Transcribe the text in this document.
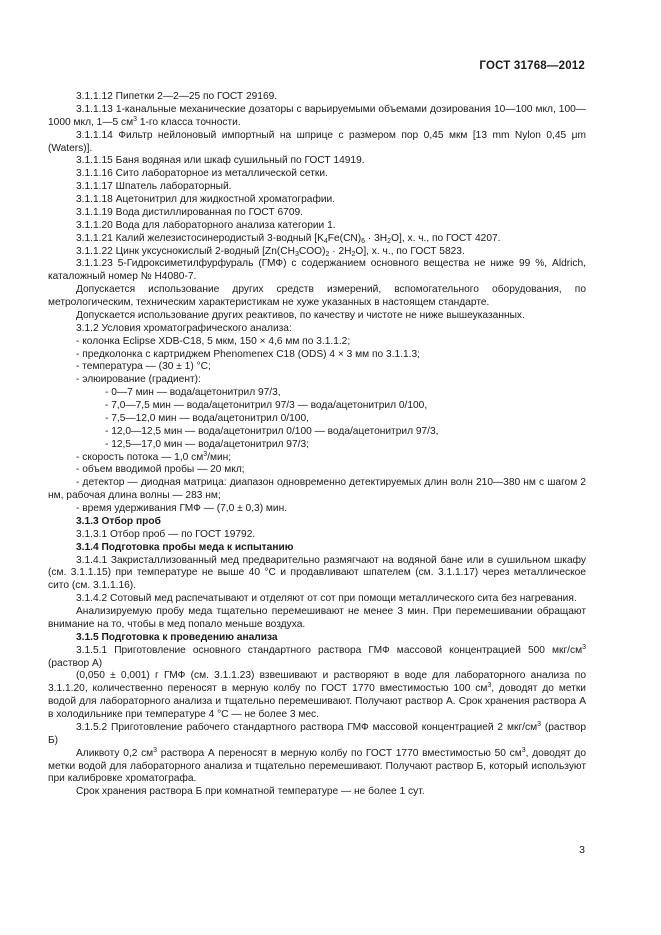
ГОСТ 31768—2012

3.1.1.12 Пипетки 2—2—25 по ГОСТ 29169.

3.1.1.13 1-канальные механические дозаторы с варьируемыми объемами дозирования 10—100 мкл, 100—1000 мкл, 1—5 $см^3$ 1-го класса точности.

3.1.1.14 Фильтр нейлоновый импортный на шприце с размером пор 0,45 мкм [13 mm Nylon 0,45 μm (Waters)].

3.1.1.15 Баня водяная или шкаф сушильный по ГОСТ 14919.

3.1.1.16 Сито лабораторное из металлической сетки.

3.1.1.17 Шпатель лабораторный.

3.1.1.18 Ацетонитрил для жидкостной хроматографии.

3.1.1.19 Вода дистиллированная по ГОСТ 6709.

3.1.1.20 Вода для лабораторного анализа категории 1.

3.1.1.21 Калий железистосинеродистый 3-водный $[K_4Fe(CN)_6 \cdot 3H_2O]$, х. ч., по ГОСТ 4207.

3.1.1.22 Цинк уксуснокислый 2-водный $[Zn(CH_3COO)_2 \cdot 2H_2O]$, х. ч., по ГОСТ 5823.

3.1.1.23 5-Гидроксиметилфурфураль (ГМФ) с содержанием основного вещества не ниже 99 %, Aldrich, каталожный номер № H4080-7.

Допускается использование других средств измерений, вспомогательного оборудования, по метрологическим, техническим характеристикам не хуже указанных в настоящем стандарте.

Допускается использование других реактивов, по качеству и чистоте не ниже вышеуказанных.

3.1.2 Условия хроматографического анализа:

- колонка Eclipse XDB-C18, 5 мкм, 150 × 4,6 мм по 3.1.1.2;

- предколонка с картриджем Phenomenex C18 (ODS) 4 × 3 мм по 3.1.1.3;

- температура — (30 ± 1) °С;

- элюирование (градиент):

- 0—7 мин — вода/ацетонитрил 97/3,

- 7,0—7,5 мин — вода/ацетонитрил 97/3 — вода/ацетонитрил 0/100,

- 7,5—12,0 мин — вода/ацетонитрил 0/100,

- 12,0—12,5 мин — вода/ацетонитрил 0/100 — вода/ацетонитрил 97/3,

- 12,5—17,0 мин — вода/ацетонитрил 97/3;

- скорость потока — 1,0 $см^3$/мин;

- объем вводимой пробы — 20 мкл;

- детектор — диодная матрица: диапазон одновременно детектируемых длин волн 210—380 нм с шагом 2 нм, рабочая длина волны — 283 нм;

- время удерживания ГМФ — (7,0 ± 0,3) мин.

3.1.3 Отбор проб

3.1.3.1 Отбор проб — по ГОСТ 19792.

3.1.4 Подготовка пробы меда к испытанию

3.1.4.1 Закристаллизованный мед предварительно размягчают на водяной бане или в сушильном шкафу (см. 3.1.1.15) при температуре не выше 40 °С и продавливают шпателем (см. 3.1.1.17) через металлическое сито (см. 3.1.1.16).

3.1.4.2 Сотовый мед распечатывают и отделяют от сот при помощи металлического сита без нагревания.

Анализируемую пробу меда тщательно перемешивают не менее 3 мин. При перемешивании обращают внимание на то, чтобы в мед попало меньше воздуха.

3.1.5 Подготовка к проведению анализа

3.1.5.1 Приготовление основного стандартного раствора ГМФ массовой концентрацией 500 мкг/$см^3$ (раствор А)

(0,050 ± 0,001) г ГМФ (см. 3.1.1.23) взвешивают и растворяют в воде для лабораторного анализа по 3.1.1.20, количественно переносят в мерную колбу по ГОСТ 1770 вместимостью 100 $см^3$, доводят до метки водой для лабораторного анализа и тщательно перемешивают. Получают раствор А. Срок хранения раствора А в холодильнике при температуре 4 °С — не более 3 мес.

3.1.5.2 Приготовление рабочего стандартного раствора ГМФ массовой концентрацией 2 мкг/$см^3$ (раствор Б)

Аликвоту 0,2 $см^3$ раствора А переносят в мерную колбу по ГОСТ 1770 вместимостью 50 $см^3$, доводят до метки водой для лабораторного анализа и тщательно перемешивают. Получают раствор Б, который используют при калибровке хроматографа.

Срок хранения раствора Б при комнатной температуре — не более 1 сут.

3
